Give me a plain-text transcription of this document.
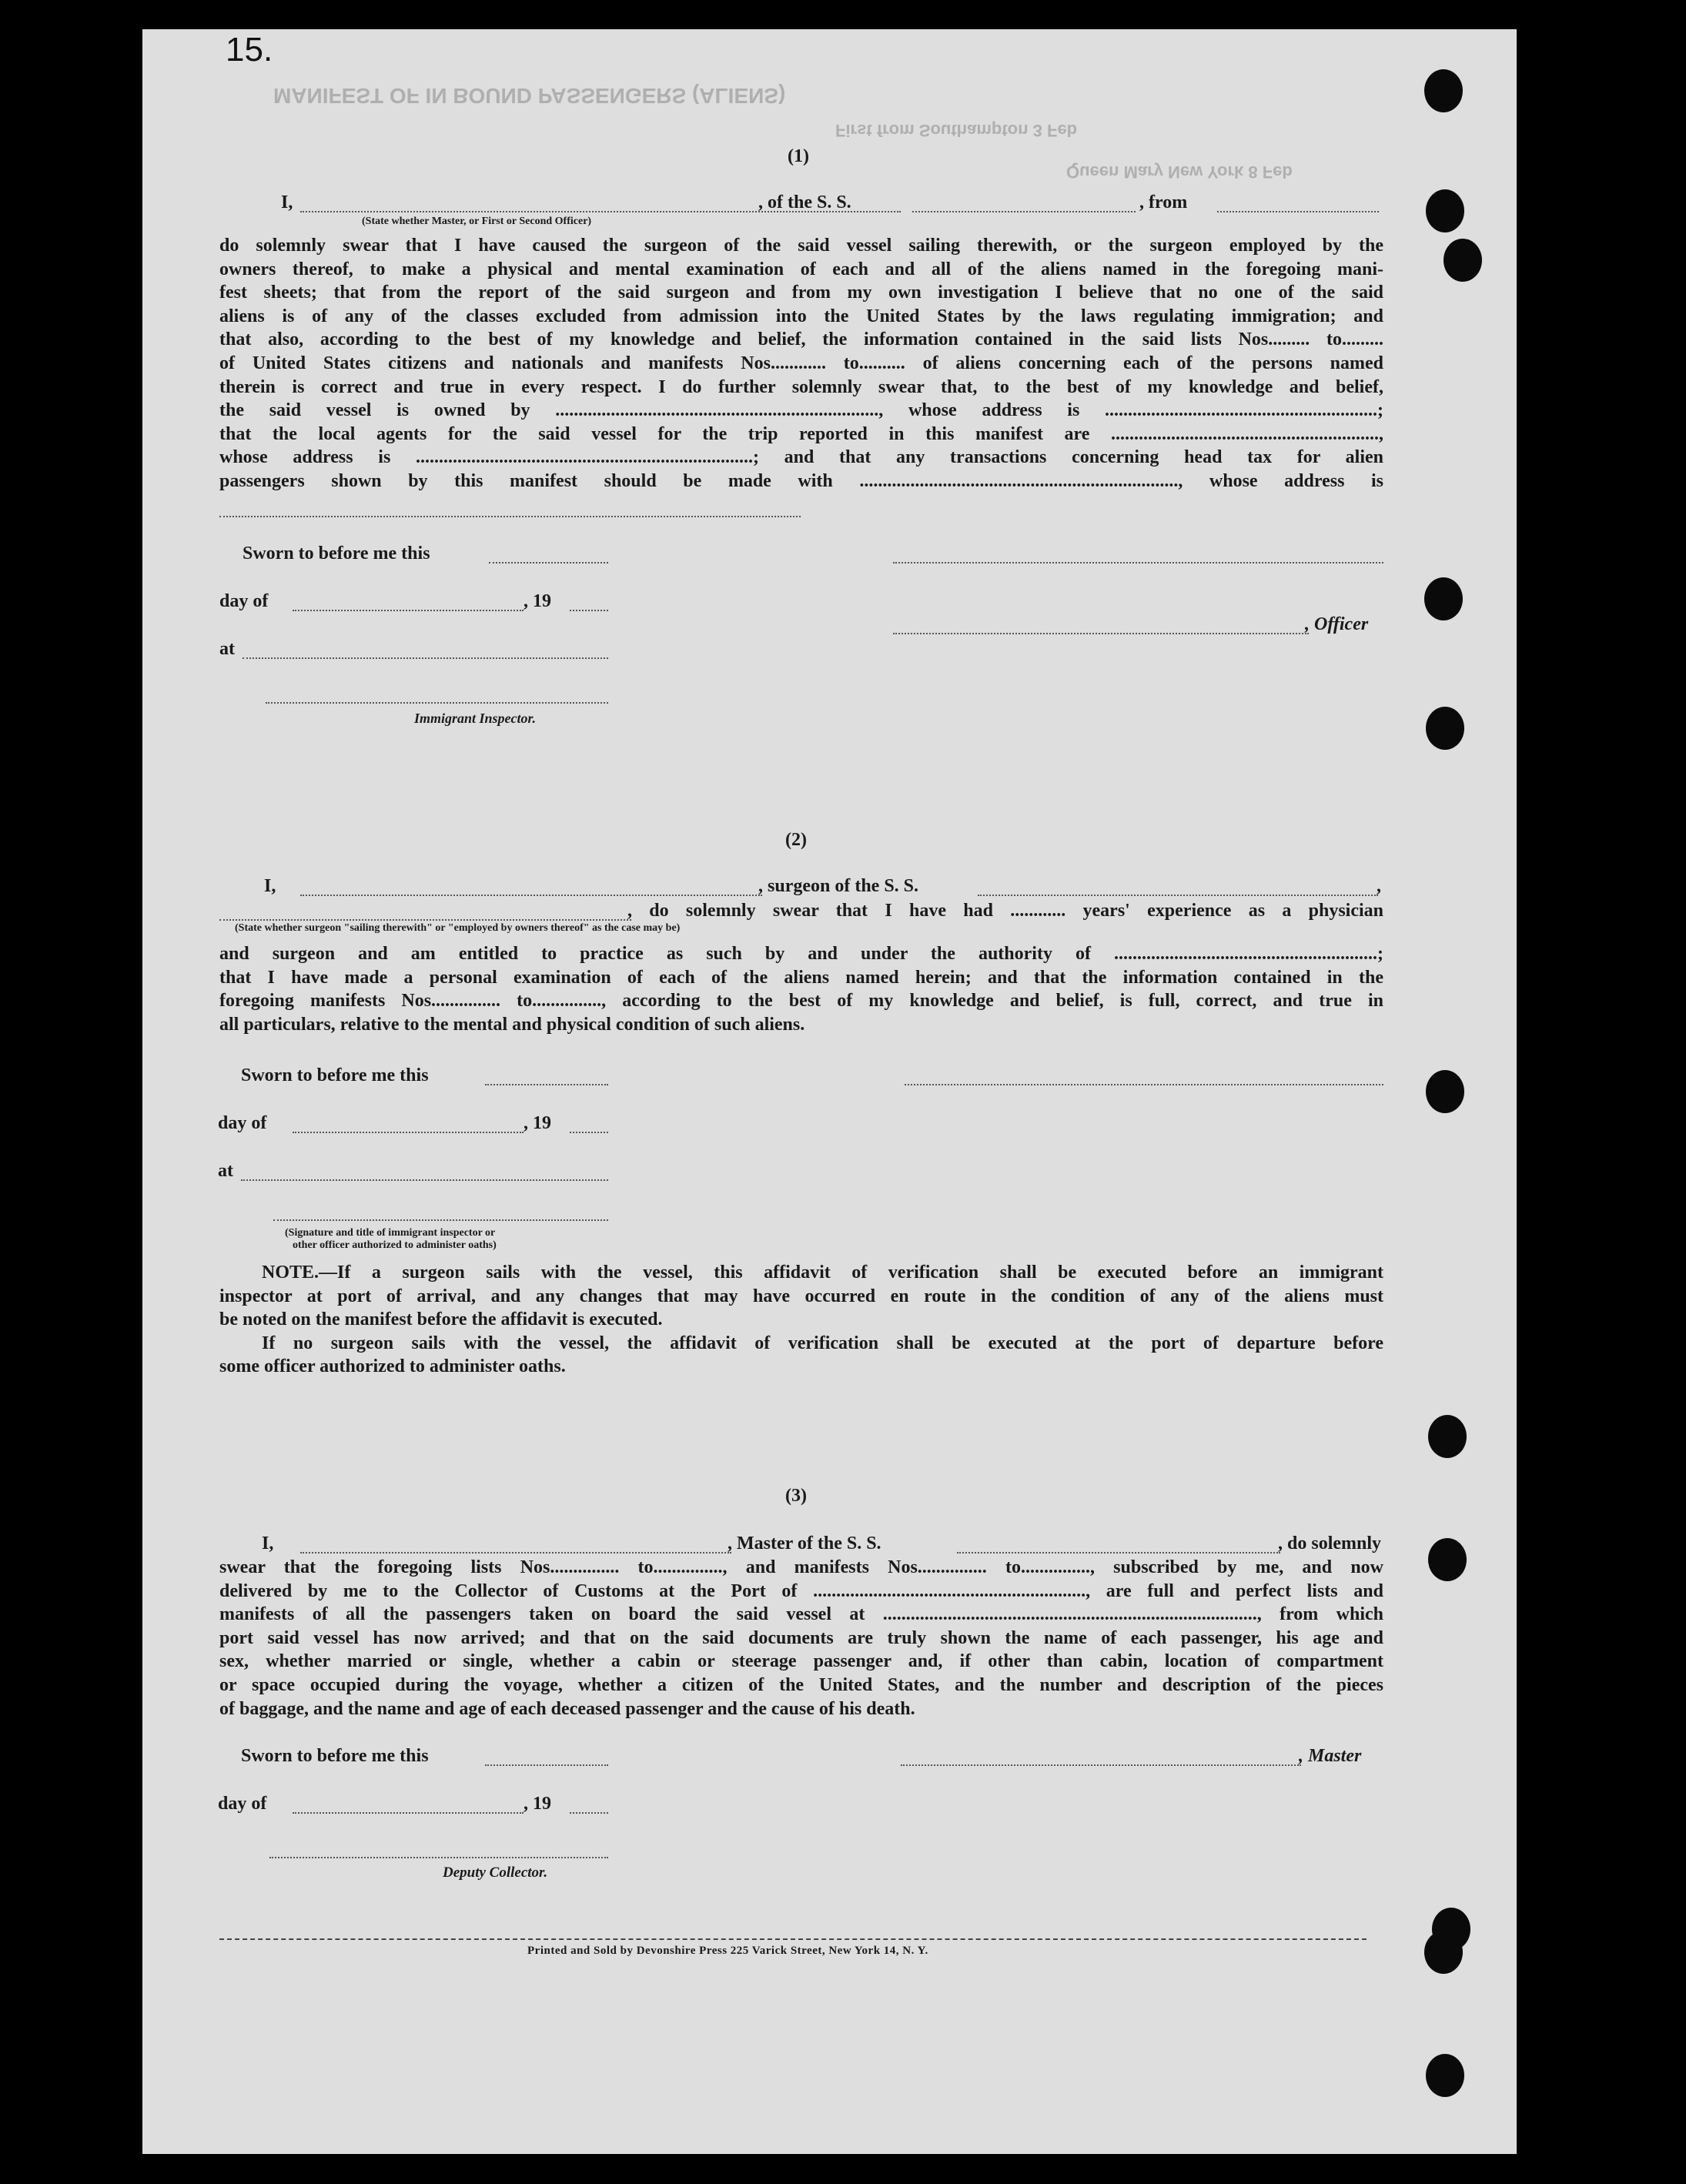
15.
MANIFEST OF IN BOUND PASSENGERS (ALIENS)
First from Southampton 3 Feb
Queen Mary New York 8 Feb
(1)
I,	, of the S. S.	, from
(State whether Master, or First or Second Officer)
do solemnly swear that I have caused the surgeon of the said vessel sailing therewith, or the surgeon employed by the
owners thereof, to make a physical and mental examination of each and all of the aliens named in the foregoing mani-
fest sheets; that from the report of the said surgeon and from my own investigation I believe that no one of the said
aliens is of any of the classes excluded from admission into the United States by the laws regulating immigration; and
that also, according to the best of my knowledge and belief, the information contained in the said lists Nos......... to.........
of United States citizens and nationals and manifests Nos............ to.......... of aliens concerning each of the persons named
therein is correct and true in every respect. I do further solemnly swear that, to the best of my knowledge and belief,
the said vessel is owned by ......................................................................, whose address is ...........................................................;
that the local agents for the said vessel for the trip reported in this manifest are ..........................................................,
whose address is .........................................................................; and that any transactions concerning head tax for alien
passengers shown by this manifest should be made with ....................................................................., whose address is
Sworn to before me this
day of	, 19
, Officer
at
Immigrant Inspector.
(2)
I,	, surgeon of the S. S.	,
, do solemnly swear that I have had ............ years' experience as a physician
(State whether surgeon "sailing therewith" or "employed by owners thereof" as the case may be)
and surgeon and am entitled to practice as such by and under the authority of .........................................................;
that I have made a personal examination of each of the aliens named herein; and that the information contained in the
foregoing manifests Nos............... to..............., according to the best of my knowledge and belief, is full, correct, and true in
all particulars, relative to the mental and physical condition of such aliens.
Sworn to before me this
day of	, 19
at
(Signature and title of immigrant inspector or
other officer authorized to administer oaths)
NOTE.—If a surgeon sails with the vessel, this affidavit of verification shall be executed before an immigrant
inspector at port of arrival, and any changes that may have occurred en route in the condition of any of the aliens must
be noted on the manifest before the affidavit is executed.
If no surgeon sails with the vessel, the affidavit of verification shall be executed at the port of departure before
some officer authorized to administer oaths.
(3)
I,	, Master of the S. S.	, do solemnly
swear that the foregoing lists Nos............... to..............., and manifests Nos............... to..............., subscribed by me, and now
delivered by me to the Collector of Customs at the Port of ..........................................................., are full and perfect lists and
manifests of all the passengers taken on board the said vessel at ................................................................................., from which
port said vessel has now arrived; and that on the said documents are truly shown the name of each passenger, his age and
sex, whether married or single, whether a cabin or steerage passenger and, if other than cabin, location of compartment
or space occupied during the voyage, whether a citizen of the United States, and the number and description of the pieces
of baggage, and the name and age of each deceased passenger and the cause of his death.
Sworn to before me this	, Master
day of	, 19
Deputy Collector.
Printed and Sold by Devonshire Press 225 Varick Street, New York 14, N. Y.
